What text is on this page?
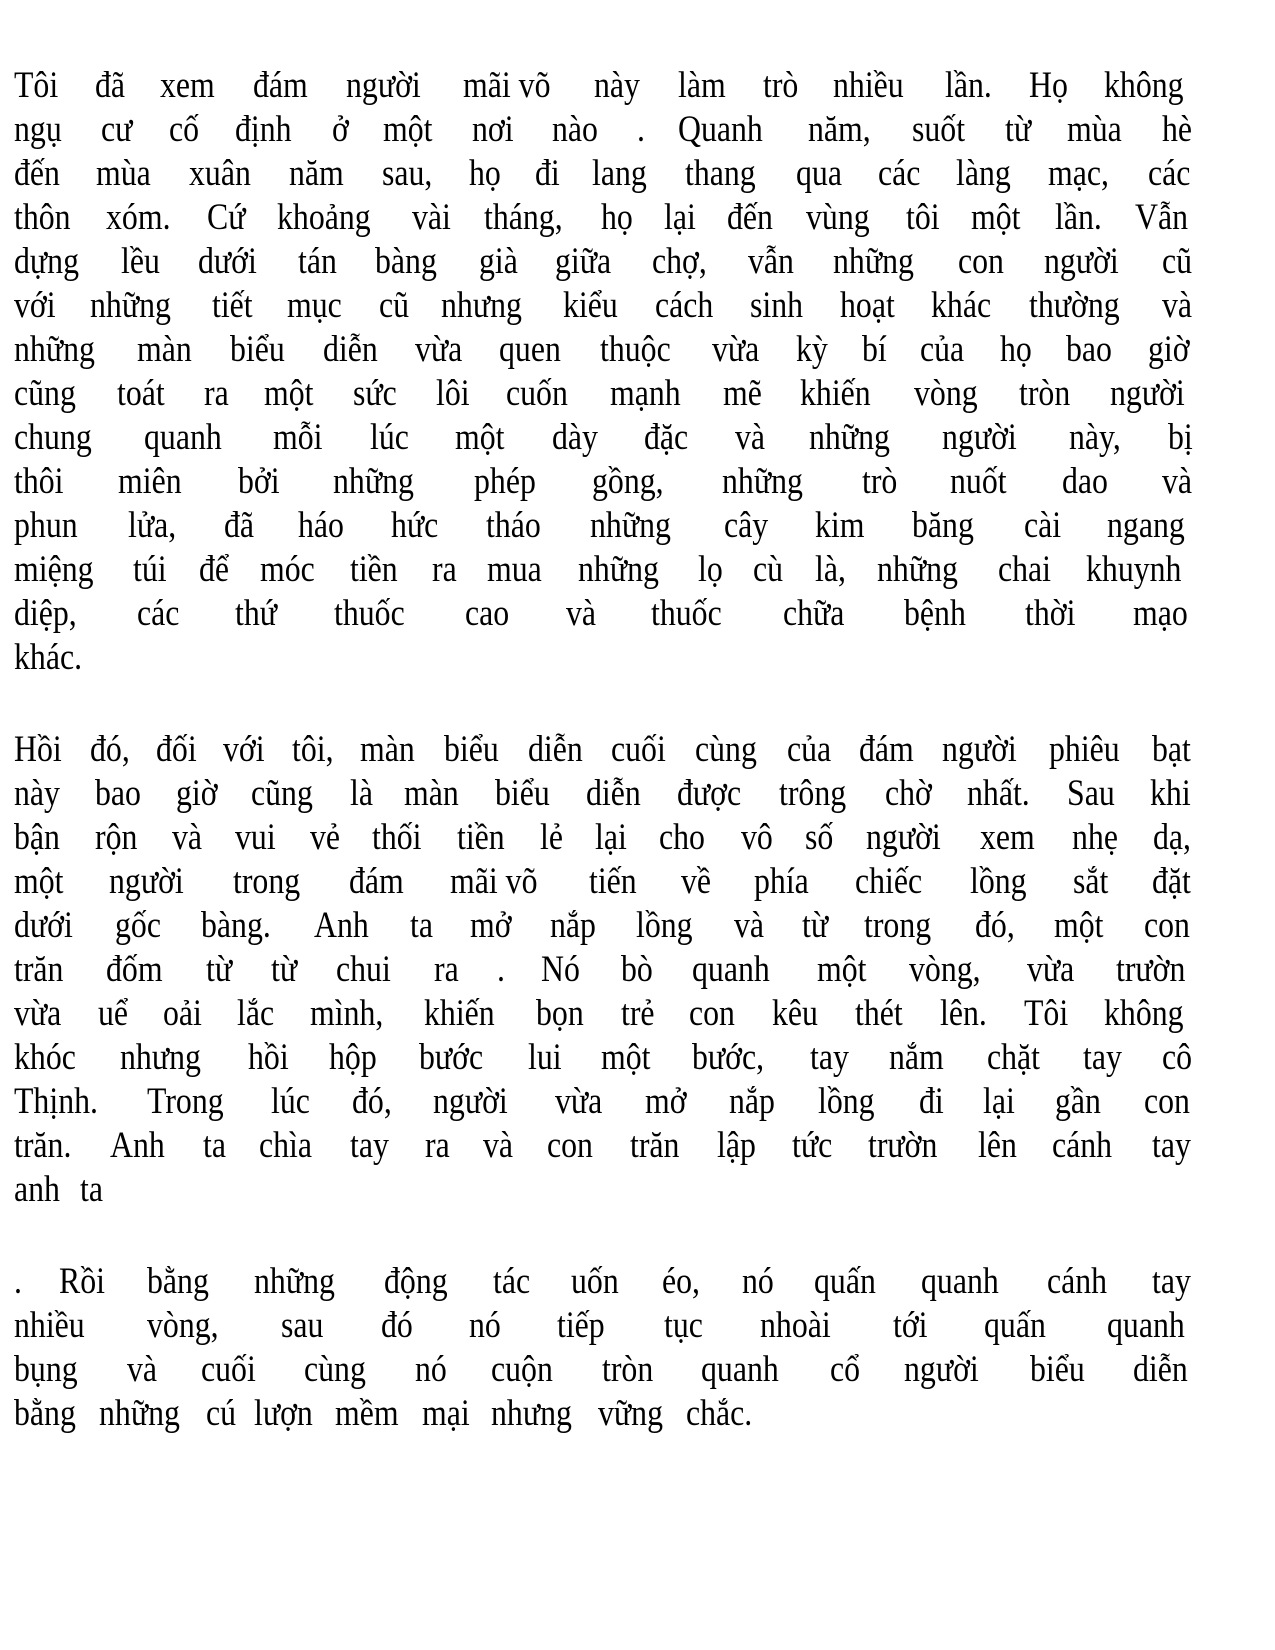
Tôi đã xem đám người mãi võ này làm trò nhiều lần. Họ không
ngụ cư cố định ở một nơi nào . Quanh năm, suốt từ mùa hè
đến mùa xuân năm sau, họ đi lang thang qua các làng mạc, các
thôn xóm. Cứ khoảng vài tháng, họ lại đến vùng tôi một lần. Vẫn
dựng lều dưới tán bàng già giữa chợ, vẫn những con người cũ
với những tiết mục cũ nhưng kiểu cách sinh hoạt khác thường và
những màn biểu diễn vừa quen thuộc vừa kỳ bí của họ bao giờ
cũng toát ra một sức lôi cuốn mạnh mẽ khiến vòng tròn người
chung quanh mỗi lúc một dày đặc và những người này, bị
thôi miên bởi những phép gồng, những trò nuốt dao và
phun lửa, đã háo hức tháo những cây kim băng cài ngang
miệng túi để móc tiền ra mua những lọ cù là, những chai khuynh
diệp, các thứ thuốc cao và thuốc chữa bệnh thời mạo
khác.
Hồi đó, đối với tôi, màn biểu diễn cuối cùng của đám người phiêu bạt
này bao giờ cũng là màn biểu diễn được trông chờ nhất. Sau khi
bận rộn và vui vẻ thối tiền lẻ lại cho vô số người xem nhẹ dạ,
một người trong đám mãi võ tiến về phía chiếc lồng sắt đặt
dưới gốc bàng. Anh ta mở nắp lồng và từ trong đó, một con
trăn đốm từ từ chui ra . Nó bò quanh một vòng, vừa trườn
vừa uể oải lắc mình, khiến bọn trẻ con kêu thét lên. Tôi không
khóc nhưng hồi hộp bước lui một bước, tay nắm chặt tay cô
Thịnh. Trong lúc đó, người vừa mở nắp lồng đi lại gần con
trăn. Anh ta chìa tay ra và con trăn lập tức trườn lên cánh tay
anh ta
. Rồi bằng những động tác uốn éo, nó quấn quanh cánh tay
nhiều vòng, sau đó nó tiếp tục nhoài tới quấn quanh
bụng và cuối cùng nó cuộn tròn quanh cổ người biểu diễn
bằng những cú lượn mềm mại nhưng vững chắc.
